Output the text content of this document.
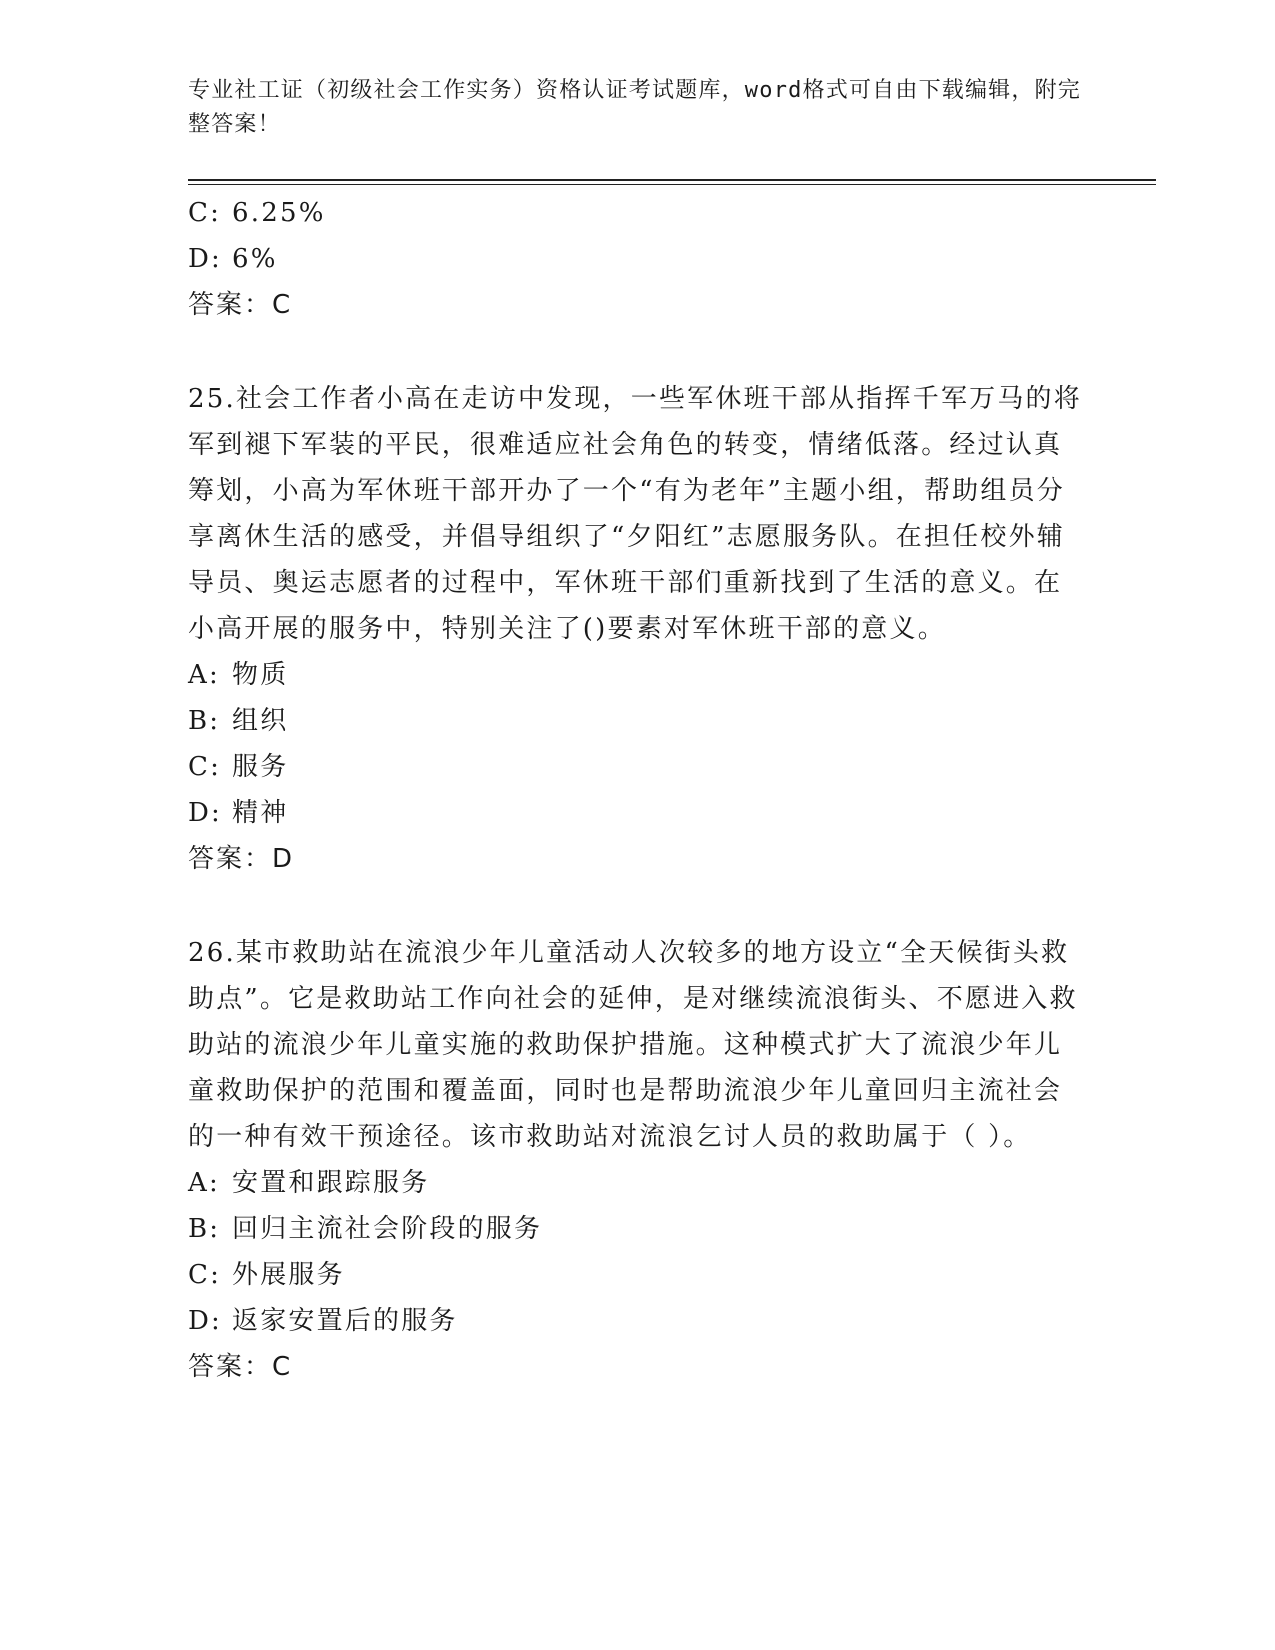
专业社工证（初级社会工作实务）资格认证考试题库，word格式可自由下载编辑，附完整答案！
C: 6.25%
D: 6%
答案：C
25.社会工作者小高在走访中发现，一些军休班干部从指挥千军万马的将军到褪下军装的平民，很难适应社会角色的转变，情绪低落。经过认真筹划，小高为军休班干部开办了一个“有为老年”主题小组，帮助组员分享离休生活的感受，并倡导组织了“夕阳红”志愿服务队。在担任校外辅导员、奥运志愿者的过程中，军休班干部们重新找到了生活的意义。在小高开展的服务中，特别关注了()要素对军休班干部的意义。
A: 物质
B: 组织
C: 服务
D: 精神
答案：D
26.某市救助站在流浪少年儿童活动人次较多的地方设立“全天候街头救助点”。它是救助站工作向社会的延伸，是对继续流浪街头、不愿进入救助站的流浪少年儿童实施的救助保护措施。这种模式扩大了流浪少年儿童救助保护的范围和覆盖面，同时也是帮助流浪少年儿童回归主流社会的一种有效干预途径。该市救助站对流浪乞讨人员的救助属于（ ）。
A: 安置和跟踪服务
B: 回归主流社会阶段的服务
C: 外展服务
D: 返家安置后的服务
答案：C
